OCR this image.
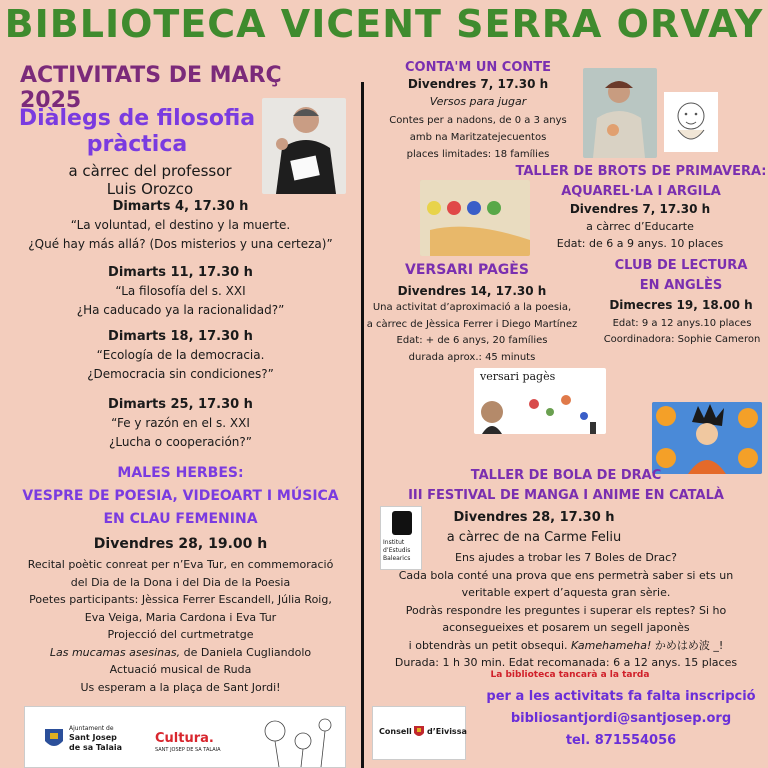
BIBLIOTECA VICENT SERRA ORVAY
ACTIVITATS DE MARÇ 2025
Diàlegs de filosofia
pràctica
a càrrec del professor
Luis Orozco
Dimarts 4, 17.30 h
“La voluntad, el destino y la muerte.
¿Qué hay más allá? (Dos misterios y una certeza)”
Dimarts 11, 17.30 h
“La filosofía del s. XXI
¿Ha caducado ya la racionalidad?”
Dimarts 18, 17.30 h
“Ecología de la democracia.
¿Democracia sin condiciones?”
Dimarts 25, 17.30 h
“Fe y razón en el s. XXI
¿Lucha o cooperación?”
MALES HERBES:
VESPRE DE POESIA, VIDEOART I MÚSICA
EN CLAU FEMENINA
Divendres 28, 19.00 h
Recital poètic conreat per n’Eva Tur, en commemoració
del Dia de la Dona i del Dia de la Poesia
Poetes participants: Jèssica Ferrer Escandell, Júlia Roig,
Eva Veiga, Maria Cardona i Eva Tur
Projecció del curtmetratge
Las mucamas asesinas, de Daniela Cugliandolo
Actuació musical de Ruda
Us esperam a la plaça de Sant Jordi!
Ajuntament de
Sant Josep
de sa Talaia
Cultura.
SANT JOSEP DE SA TALAIA
CONTA'M UN CONTE
Divendres 7, 17.30 h
Versos para jugar
Contes per a nadons, de 0 a 3 anys
amb na Maritzatejecuentos
places limitades: 18 famílies
TALLER DE BROTS DE PRIMAVERA:
AQUAREL·LA I ARGILA
Divendres 7, 17.30 h
a càrrec d’Educarte
Edat: de 6 a 9 anys. 10 places
VERSARI PAGÈS
Divendres 14, 17.30 h
Una activitat d’aproximació a la poesia,
a càrrec de Jèssica Ferrer i Diego Martínez
Edat: + de 6 anys, 20 famílies
durada aprox.: 45 minuts
versari pagès
CLUB DE LECTURA
EN ANGLÈS
Dimecres 19, 18.00 h
Edat: 9 a 12 anys.10 places
Coordinadora: Sophie Cameron
TALLER DE BOLA DE DRAC
III FESTIVAL DE MANGA I ANIME EN CATALÀ
Institut
d’Estudis
Balearics
Divendres 28, 17.30 h
a càrrec de na Carme Feliu
Ens ajudes a trobar les 7 Boles de Drac?
Cada bola conté una prova que ens permetrà saber si ets un
veritable expert d’aquesta gran sèrie.
Podràs respondre les preguntes i superar els reptes? Si ho
aconsegueixes et posarem un segell japonès
i obtendràs un petit obsequi. Kamehameha! かめはめ波 _!
Durada: 1 h 30 min. Edat recomanada: 6 a 12 anys. 15 places
La biblioteca tancarà a la tarda
Consell d’Eivissa
per a les activitats fa falta inscripció
bibliosantjordi@santjosep.org
tel. 871554056
